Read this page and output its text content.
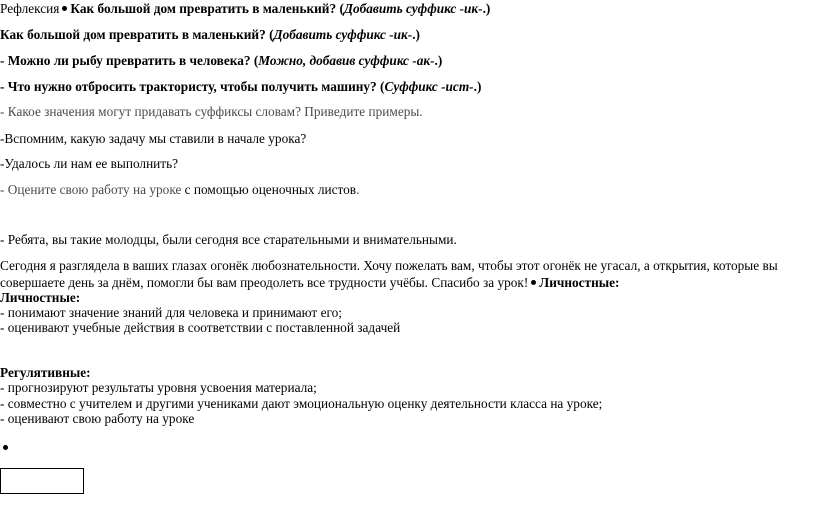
Рефлексия Как большой дом превратить в маленький? (Добавить суффикс -ик-.)
Как большой дом превратить в маленький? (Добавить суффикс -ик-.)
- Можно ли рыбу превратить в человека? (Можно, добавив суффикс -ак-.)
- Что нужно отбросить трактористу, чтобы получить машину? (Суффикс -ист-.)
- Какое значения могут придавать суффиксы словам? Приведите примеры.
-Вспомним, какую задачу мы ставили в начале урока?
-Удалось ли нам ее выполнить?
- Оцените свою работу на уроке с помощью оценочных листов.
- Ребята, вы такие молодцы, были сегодня все старательными и внимательными.
Сегодня я разглядела в ваших глазах огонёк любознательности. Хочу пожелать вам, чтобы этот огонёк не угасал, а открытия, которые вы
совершаете день за днём, помогли бы вам преодолеть все трудности учёбы. Спасибо за урок! Личностные:
Личностные:
- понимают значение знаний для человека и принимают его;
- оценивают учебные действия в соответствии с поставленной задачей
Регулятивные:
- прогнозируют результаты уровня усвоения материала;
- совместно с учителем и другими учениками дают эмоциональную оценку деятельности класса на уроке;
- оценивают свою работу на уроке
